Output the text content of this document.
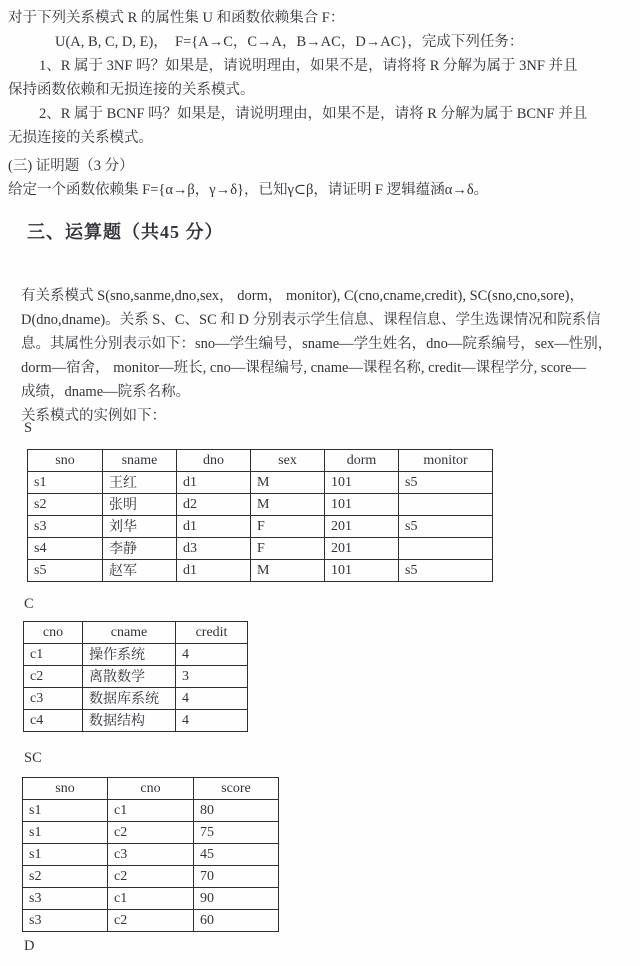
对于下列关系模式 R 的属性集 U 和函数依赖集合 F：
U(A, B, C, D, E)，  F={A→C，C→A，B→AC，D→AC}，完成下列任务：
1、R 属于 3NF 吗？如果是，请说明理由，如果不是，请将将 R 分解为属于 3NF 并且
保持函数依赖和无损连接的关系模式。
2、R 属于 BCNF 吗？如果是，请说明理由，如果不是，请将 R 分解为属于 BCNF 并且
无损连接的关系模式。
(三) 证明题（3 分）
给定一个函数依赖集 F={α→β，γ→δ}，已知γ⊂β，请证明 F 逻辑蕴涵α→δ。
三、运算题（共45 分）
有关系模式 S(sno,sanme,dno,sex， dorm， monitor), C(cno,cname,credit), SC(sno,cno,sore)，
D(dno,dname)。关系 S、C、SC 和 D 分别表示学生信息、课程信息、学生选课情况和院系信
息。其属性分别表示如下：sno—学生编号，sname—学生姓名，dno—院系编号，sex—性别，
dorm—宿舍， monitor—班长, cno—课程编号, cname—课程名称, credit—课程学分, score—
成绩，dname—院系名称。
关系模式的实例如下：
S
sno	sname	dno	sex	dorm	monitor
s1	王红	d1	M	101	s5
s2	张明	d2	M	101	
s3	刘华	d1	F	201	s5
s4	李静	d3	F	201	
s5	赵军	d1	M	101	s5
C
cno	cname	credit
c1	操作系统	4
c2	离散数学	3
c3	数据库系统	4
c4	数据结构	4
SC
sno	cno	score
s1	c1	80
s1	c2	75
s1	c3	45
s2	c2	70
s3	c1	90
s3	c2	60
D
